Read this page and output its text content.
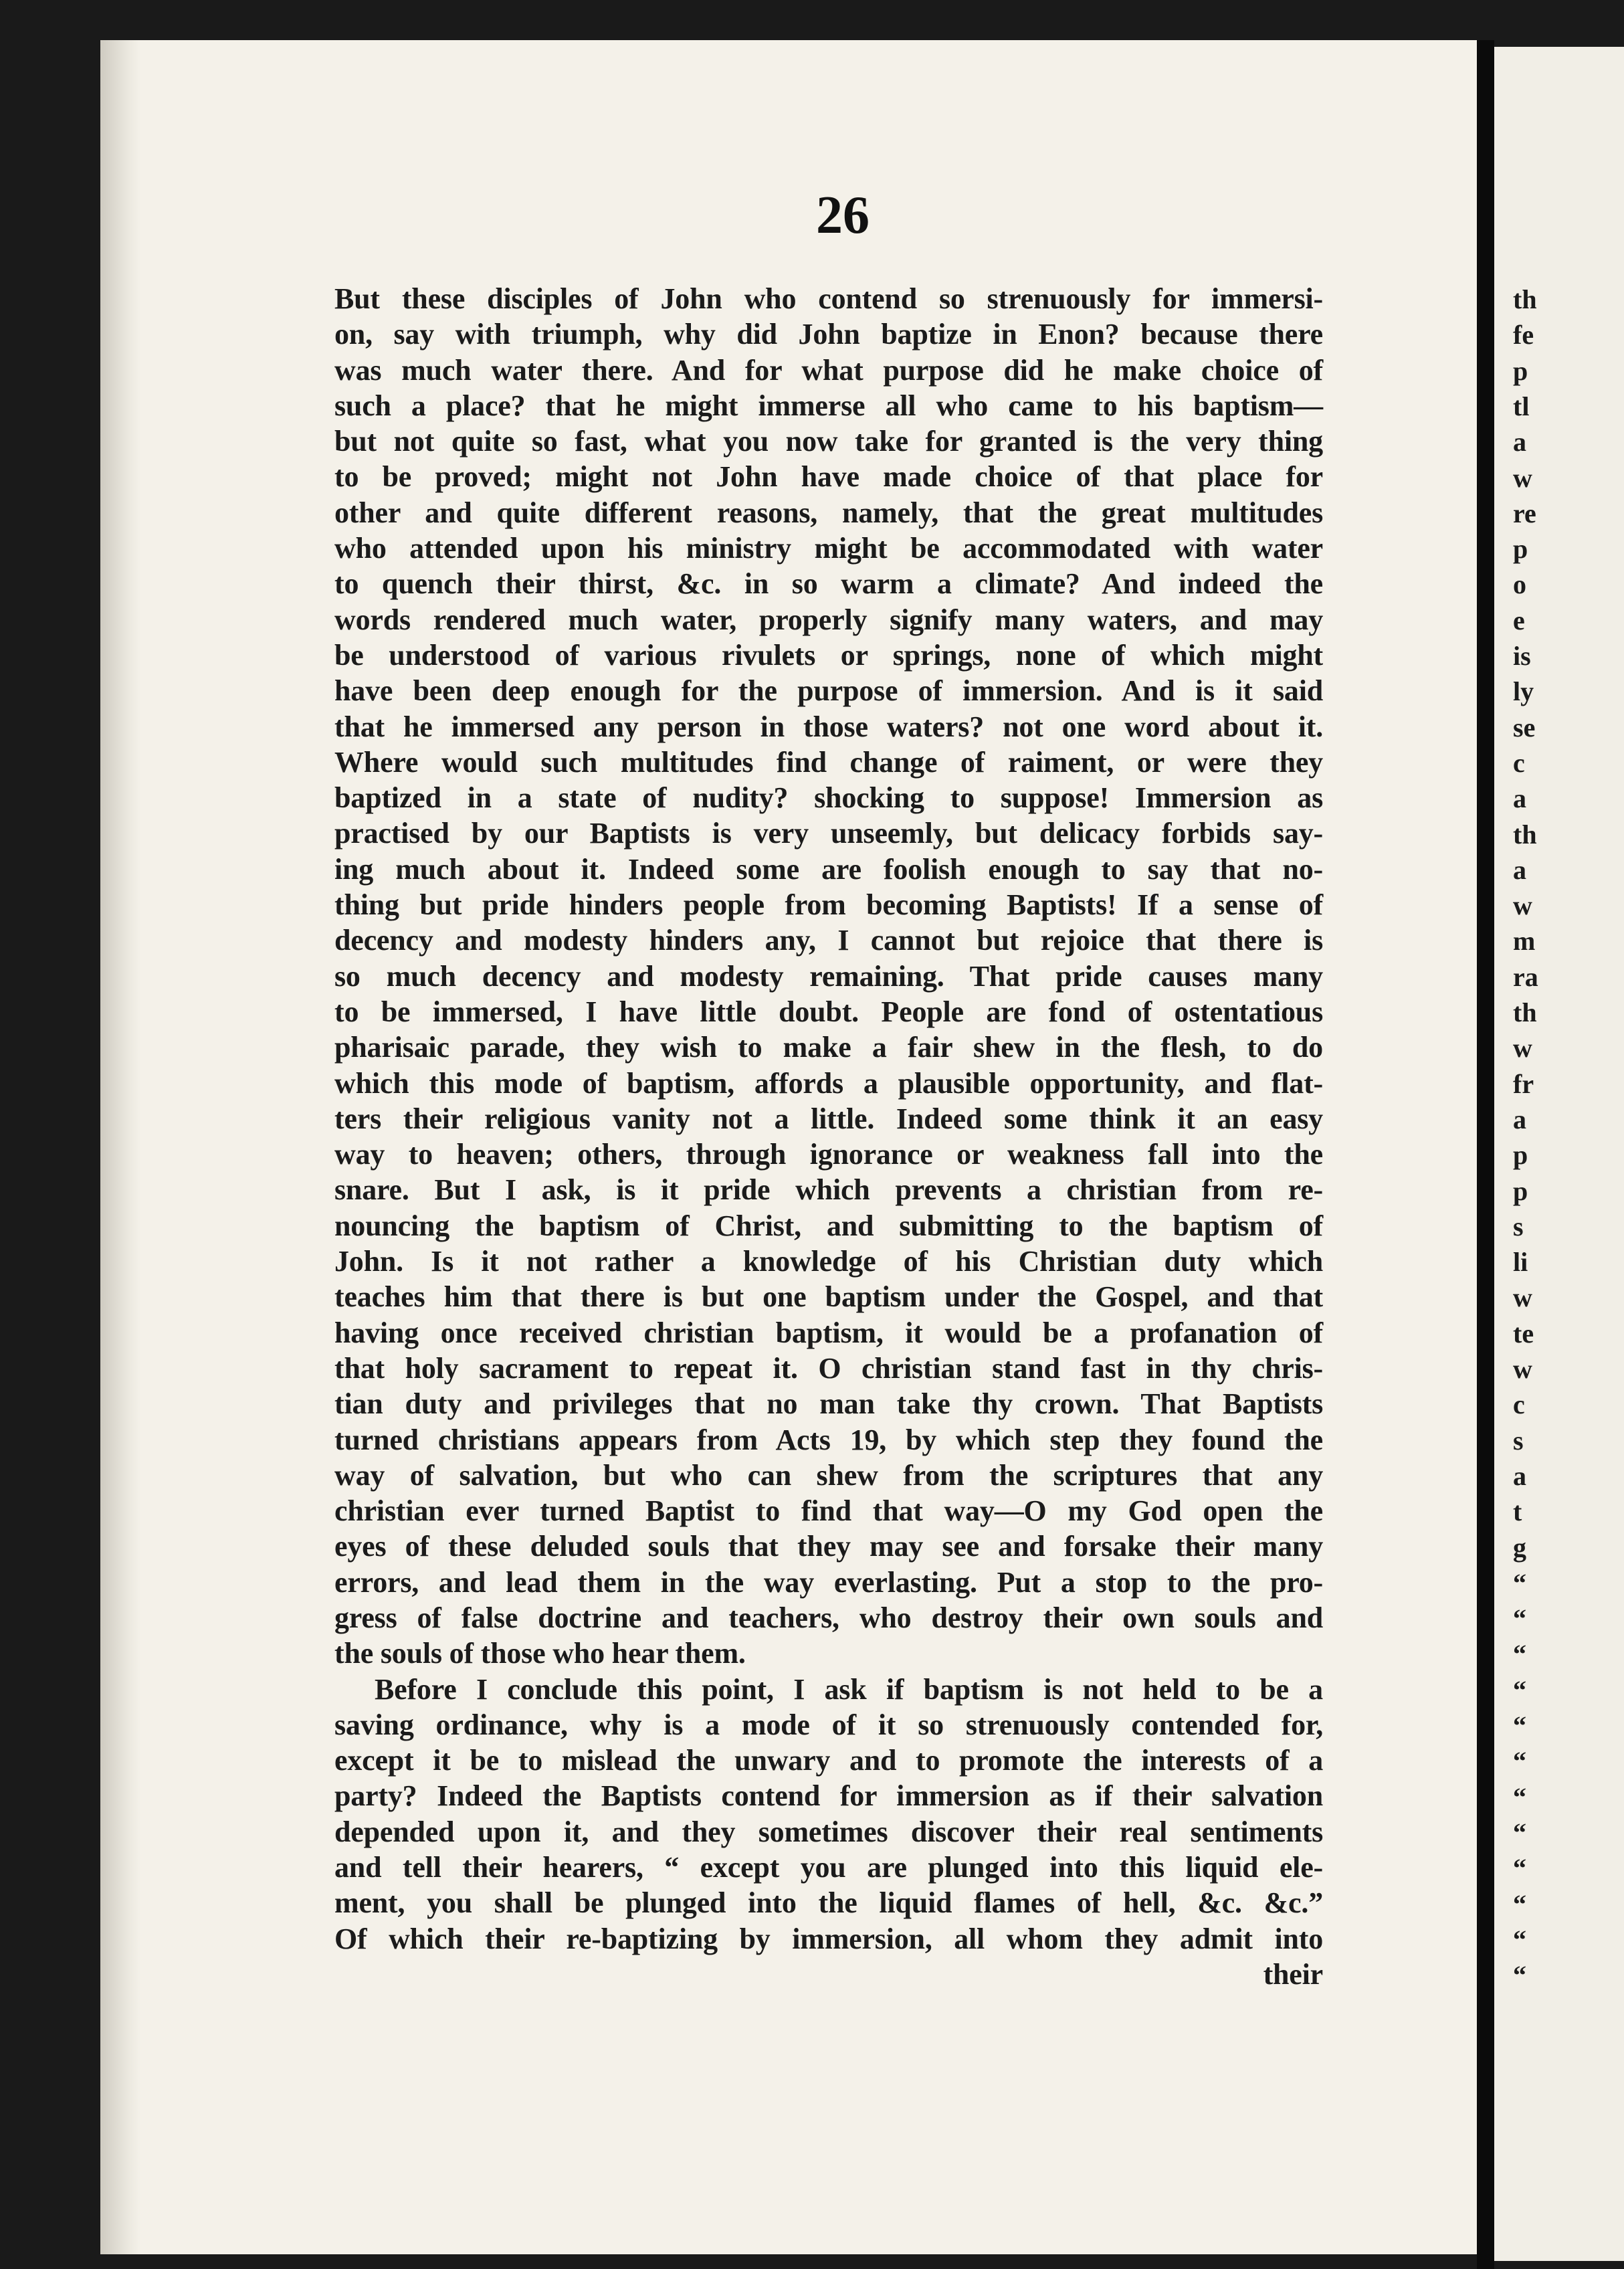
26
But these disciples of John who contend so strenuously for immersi-
on, say with triumph, why did John baptize in Enon? because there
was much water there. And for what purpose did he make choice of
such a place? that he might immerse all who came to his baptism—
but not quite so fast, what you now take for granted is the very thing
to be proved; might not John have made choice of that place for
other and quite different reasons, namely, that the great multitudes
who attended upon his ministry might be accommodated with water
to quench their thirst, &c. in so warm a climate? And indeed the
words rendered much water, properly signify many waters, and may
be understood of various rivulets or springs, none of which might
have been deep enough for the purpose of immersion. And is it said
that he immersed any person in those waters? not one word about it.
Where would such multitudes find change of raiment, or were they
baptized in a state of nudity? shocking to suppose! Immersion as
practised by our Baptists is very unseemly, but delicacy forbids say-
ing much about it. Indeed some are foolish enough to say that no-
thing but pride hinders people from becoming Baptists! If a sense of
decency and modesty hinders any, I cannot but rejoice that there is
so much decency and modesty remaining. That pride causes many
to be immersed, I have little doubt. People are fond of ostentatious
pharisaic parade, they wish to make a fair shew in the flesh, to do
which this mode of baptism, affords a plausible opportunity, and flat-
ters their religious vanity not a little. Indeed some think it an easy
way to heaven; others, through ignorance or weakness fall into the
snare. But I ask, is it pride which prevents a christian from re-
nouncing the baptism of Christ, and submitting to the baptism of
John. Is it not rather a knowledge of his Christian duty which
teaches him that there is but one baptism under the Gospel, and that
having once received christian baptism, it would be a profanation of
that holy sacrament to repeat it. O christian stand fast in thy chris-
tian duty and privileges that no man take thy crown. That Baptists
turned christians appears from Acts 19, by which step they found the
way of salvation, but who can shew from the scriptures that any
christian ever turned Baptist to find that way—O my God open the
eyes of these deluded souls that they may see and forsake their many
errors, and lead them in the way everlasting. Put a stop to the pro-
gress of false doctrine and teachers, who destroy their own souls and
the souls of those who hear them.
Before I conclude this point, I ask if baptism is not held to be a
saving ordinance, why is a mode of it so strenuously contended for,
except it be to mislead the unwary and to promote the interests of a
party? Indeed the Baptists contend for immersion as if their salvation
depended upon it, and they sometimes discover their real sentiments
and tell their hearers, “ except you are plunged into this liquid ele-
ment, you shall be plunged into the liquid flames of hell, &c. &c.”
Of which their re-baptizing by immersion, all whom they admit into
their
th
fe
p
tl
a
w
re
p
o
e
is
ly
se
c
a
th
a
w
m
ra
th
w
fr
a
p
p
s
li
w
te
w
c
s
a
t
g
“
“
“
“
“
“
“
“
“
“
“
“
